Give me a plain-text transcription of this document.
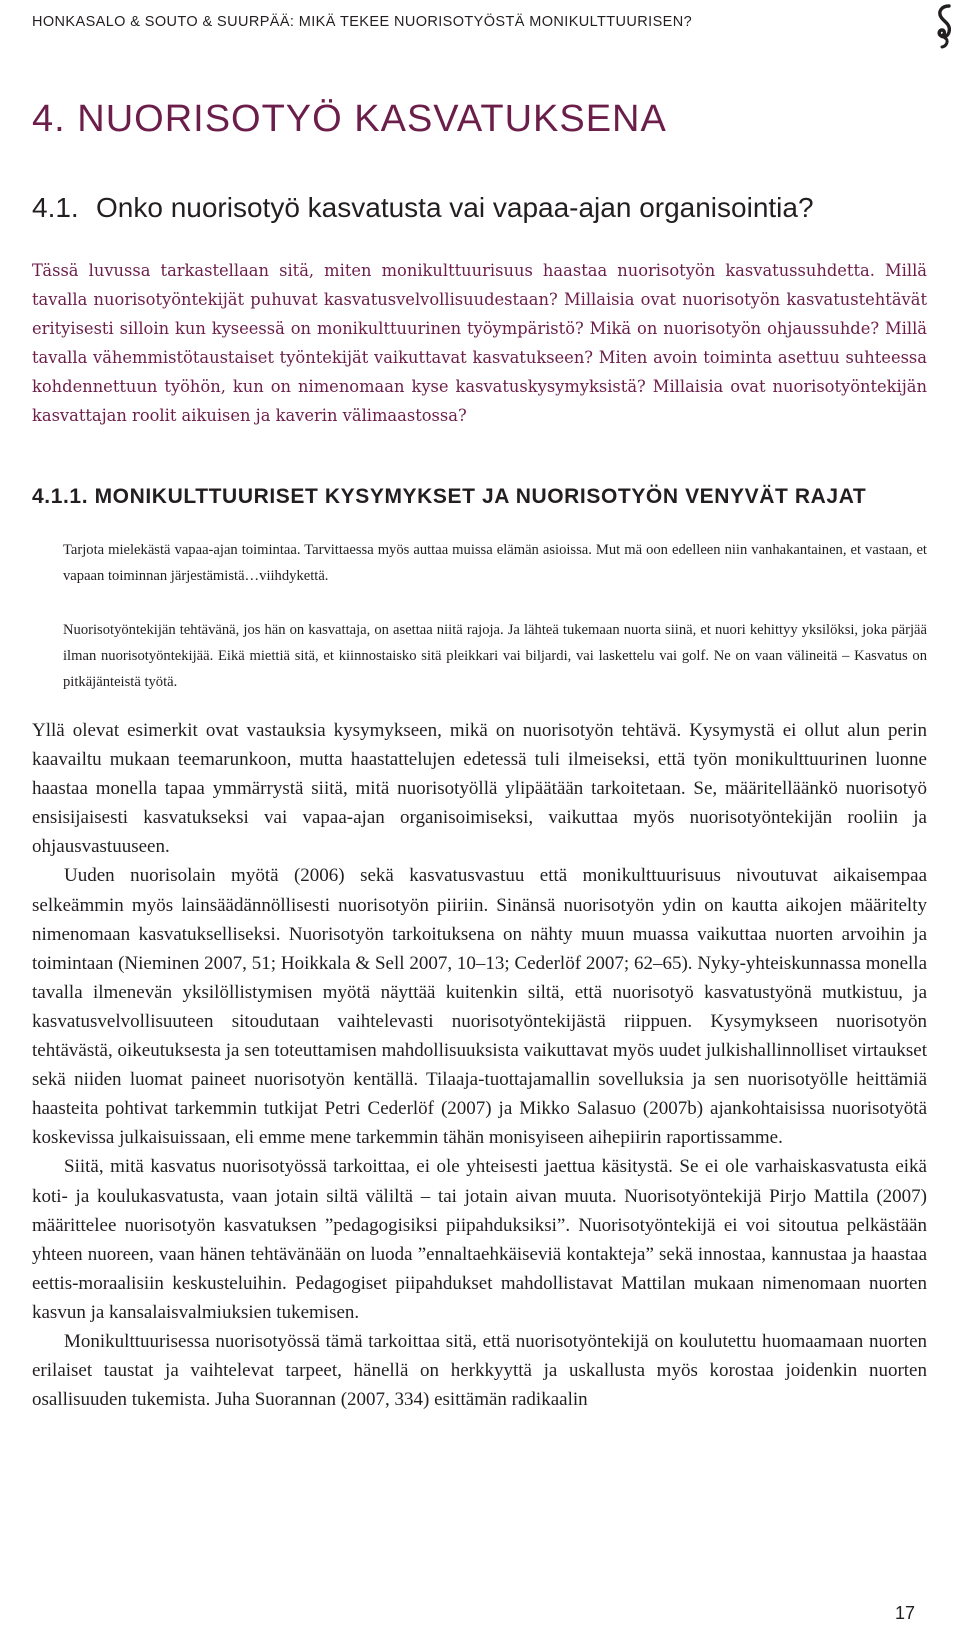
HONKASALO & SOUTO & SUURPÄÄ: MIKÄ TEKEE NUORISOTYÖSTÄ MONIKULTTUURISEN?
4. NUORISOTYÖ KASVATUKSENA
4.1. Onko nuorisotyö kasvatusta vai vapaa-ajan organisointia?

Tässä luvussa tarkastellaan sitä, miten monikulttuurisuus haastaa nuorisotyön kasvatussuhdetta. Millä tavalla nuorisotyöntekijät puhuvat kasvatusvelvollisuudestaan? Millaisia ovat nuorisotyön kasvatustehtävät erityisesti silloin kun kyseessä on monikulttuurinen työympäristö? Mikä on nuorisotyön ohjaussuhde? Millä tavalla vähemmistötaustaiset työntekijät vaikuttavat kasvatukseen? Miten avoin toiminta asettuu suhteessa kohdennettuun työhön, kun on nimenomaan kyse kasvatuskysymyksistä? Millaisia ovat nuorisotyöntekijän kasvattajan roolit aikuisen ja kaverin välimaastossa?

4.1.1. MONIKULTTUURISET KYSYMYKSET JA NUORISOTYÖN VENYVÄT RAJAT

Tarjota mielekästä vapaa-ajan toimintaa. Tarvittaessa myös auttaa muissa elämän asioissa. Mut mä oon edelleen niin vanhakantainen, et vastaan, et vapaan toiminnan järjestämistä…viihdykettä.

Nuorisotyöntekijän tehtävänä, jos hän on kasvattaja, on asettaa niitä rajoja. Ja lähteä tukemaan nuorta siinä, et nuori kehittyy yksilöksi, joka pärjää ilman nuorisotyöntekijää. Eikä miettiä sitä, et kiinnostaisko sitä pleikkari vai biljardi, vai laskettelu vai golf. Ne on vaan välineitä – Kasvatus on pitkäjänteistä työtä.

Yllä olevat esimerkit ovat vastauksia kysymykseen, mikä on nuorisotyön tehtävä. Kysymystä ei ollut alun perin kaavailtu mukaan teemarunkoon, mutta haastattelujen edetessä tuli ilmeiseksi, että työn monikulttuurinen luonne haastaa monella tapaa ymmärrystä siitä, mitä nuorisotyöllä ylipäätään tarkoitetaan. Se, määritelläänkö nuorisotyö ensisijaisesti kasvatukseksi vai vapaa-ajan organisoimiseksi, vaikuttaa myös nuorisotyöntekijän rooliin ja ohjausvastuuseen.

Uuden nuorisolain myötä (2006) sekä kasvatusvastuu että monikulttuurisuus nivoutuvat aikaisempaa selkeämmin myös lainsäädännöllisesti nuorisotyön piiriin. Sinänsä nuorisotyön ydin on kautta aikojen määritelty nimenomaan kasvatukselliseksi. Nuorisotyön tarkoituksena on nähty muun muassa vaikuttaa nuorten arvoihin ja toimintaan (Nieminen 2007, 51; Hoikkala & Sell 2007, 10–13; Cederlöf 2007; 62–65). Nyky-yhteiskunnassa monella tavalla ilmenevän yksilöllistymisen myötä näyttää kuitenkin siltä, että nuorisotyö kasvatustyönä mutkistuu, ja kasvatusvelvollisuuteen sitoudutaan vaihtelevasti nuorisotyöntekijästä riippuen. Kysymykseen nuorisotyön tehtävästä, oikeutuksesta ja sen toteuttamisen mahdollisuuksista vaikuttavat myös uudet julkishallinnolliset virtaukset sekä niiden luomat paineet nuorisotyön kentällä. Tilaaja-tuottajamallin sovelluksia ja sen nuorisotyölle heittämiä haasteita pohtivat tarkemmin tutkijat Petri Cederlöf (2007) ja Mikko Salasuo (2007b) ajankohtaisissa nuorisotyötä koskevissa julkaisuissaan, eli emme mene tarkemmin tähän monisyiseen aihepiirin raportissamme.

Siitä, mitä kasvatus nuorisotyössä tarkoittaa, ei ole yhteisesti jaettua käsitystä. Se ei ole varhaiskasvatusta eikä koti- ja koulukasvatusta, vaan jotain siltä väliltä – tai jotain aivan muuta. Nuorisotyöntekijä Pirjo Mattila (2007) määrittelee nuorisotyön kasvatuksen ”pedagogisiksi piipahduksiksi”. Nuorisotyöntekijä ei voi sitoutua pelkästään yhteen nuoreen, vaan hänen tehtävänään on luoda ”ennaltaehkäiseviä kontakteja” sekä innostaa, kannustaa ja haastaa eettis-moraalisiin keskusteluihin. Pedagogiset piipahdukset mahdollistavat Mattilan mukaan nimenomaan nuorten kasvun ja kansalaisvalmiuksien tukemisen.

Monikulttuurisessa nuorisotyössä tämä tarkoittaa sitä, että nuorisotyöntekijä on koulutettu huomaamaan nuorten erilaiset taustat ja vaihtelevat tarpeet, hänellä on herkkyyttä ja uskallusta myös korostaa joidenkin nuorten osallisuuden tukemista. Juha Suorannan (2007, 334) esittämän radikaalin

17
